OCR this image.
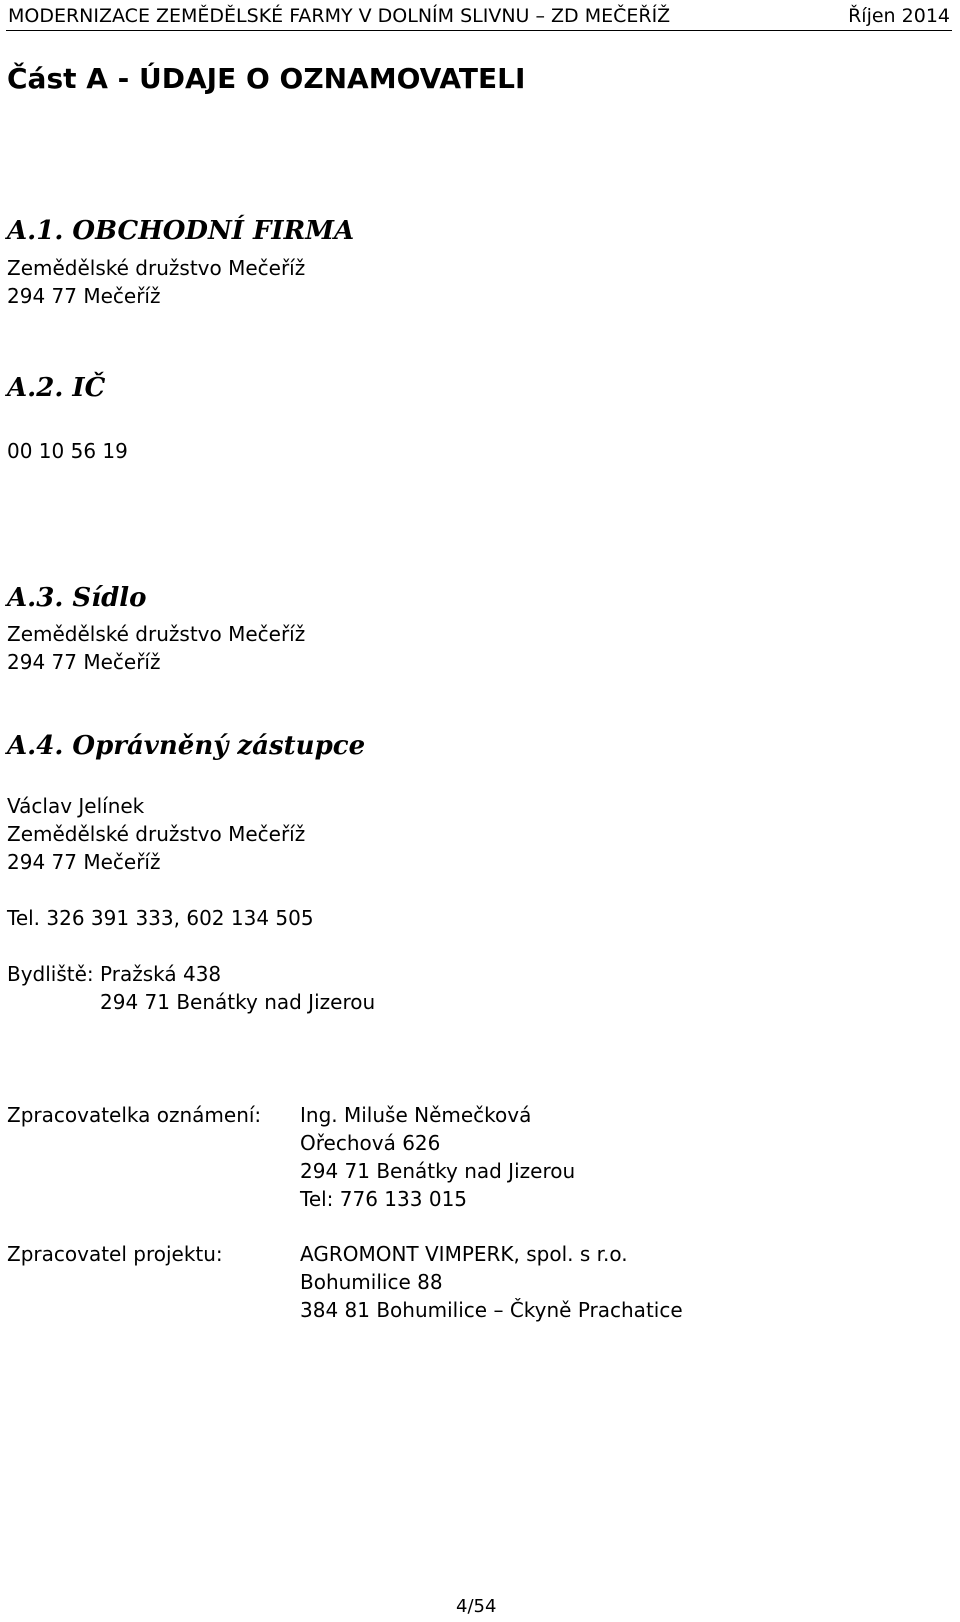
MODERNIZACE ZEMĚDĚLSKÉ FARMY V DOLNÍM SLIVNU – ZD MEČEŘÍŽ	Říjen 2014
Část A - ÚDAJE O OZNAMOVATELI
A.1. OBCHODNÍ FIRMA
Zemědělské družstvo Mečeříž
294 77 Mečeříž
A.2. IČ
00 10 56 19
A.3. Sídlo
Zemědělské družstvo Mečeříž
294 77 Mečeříž
A.4. Oprávněný zástupce
Václav Jelínek
Zemědělské družstvo Mečeříž
294 77 Mečeříž
Tel. 326 391 333, 602 134 505
Bydliště: Pražská 438
294 71 Benátky nad Jizerou
Zpracovatelka oznámení: Ing. Miluše Němečková
Ořechová 626
294 71 Benátky nad Jizerou
Tel: 776 133 015
Zpracovatel projektu:	AGROMONT VIMPERK, spol. s r.o.
Bohumilice 88
384 81 Bohumilice – Čkyně Prachatice
4/54
